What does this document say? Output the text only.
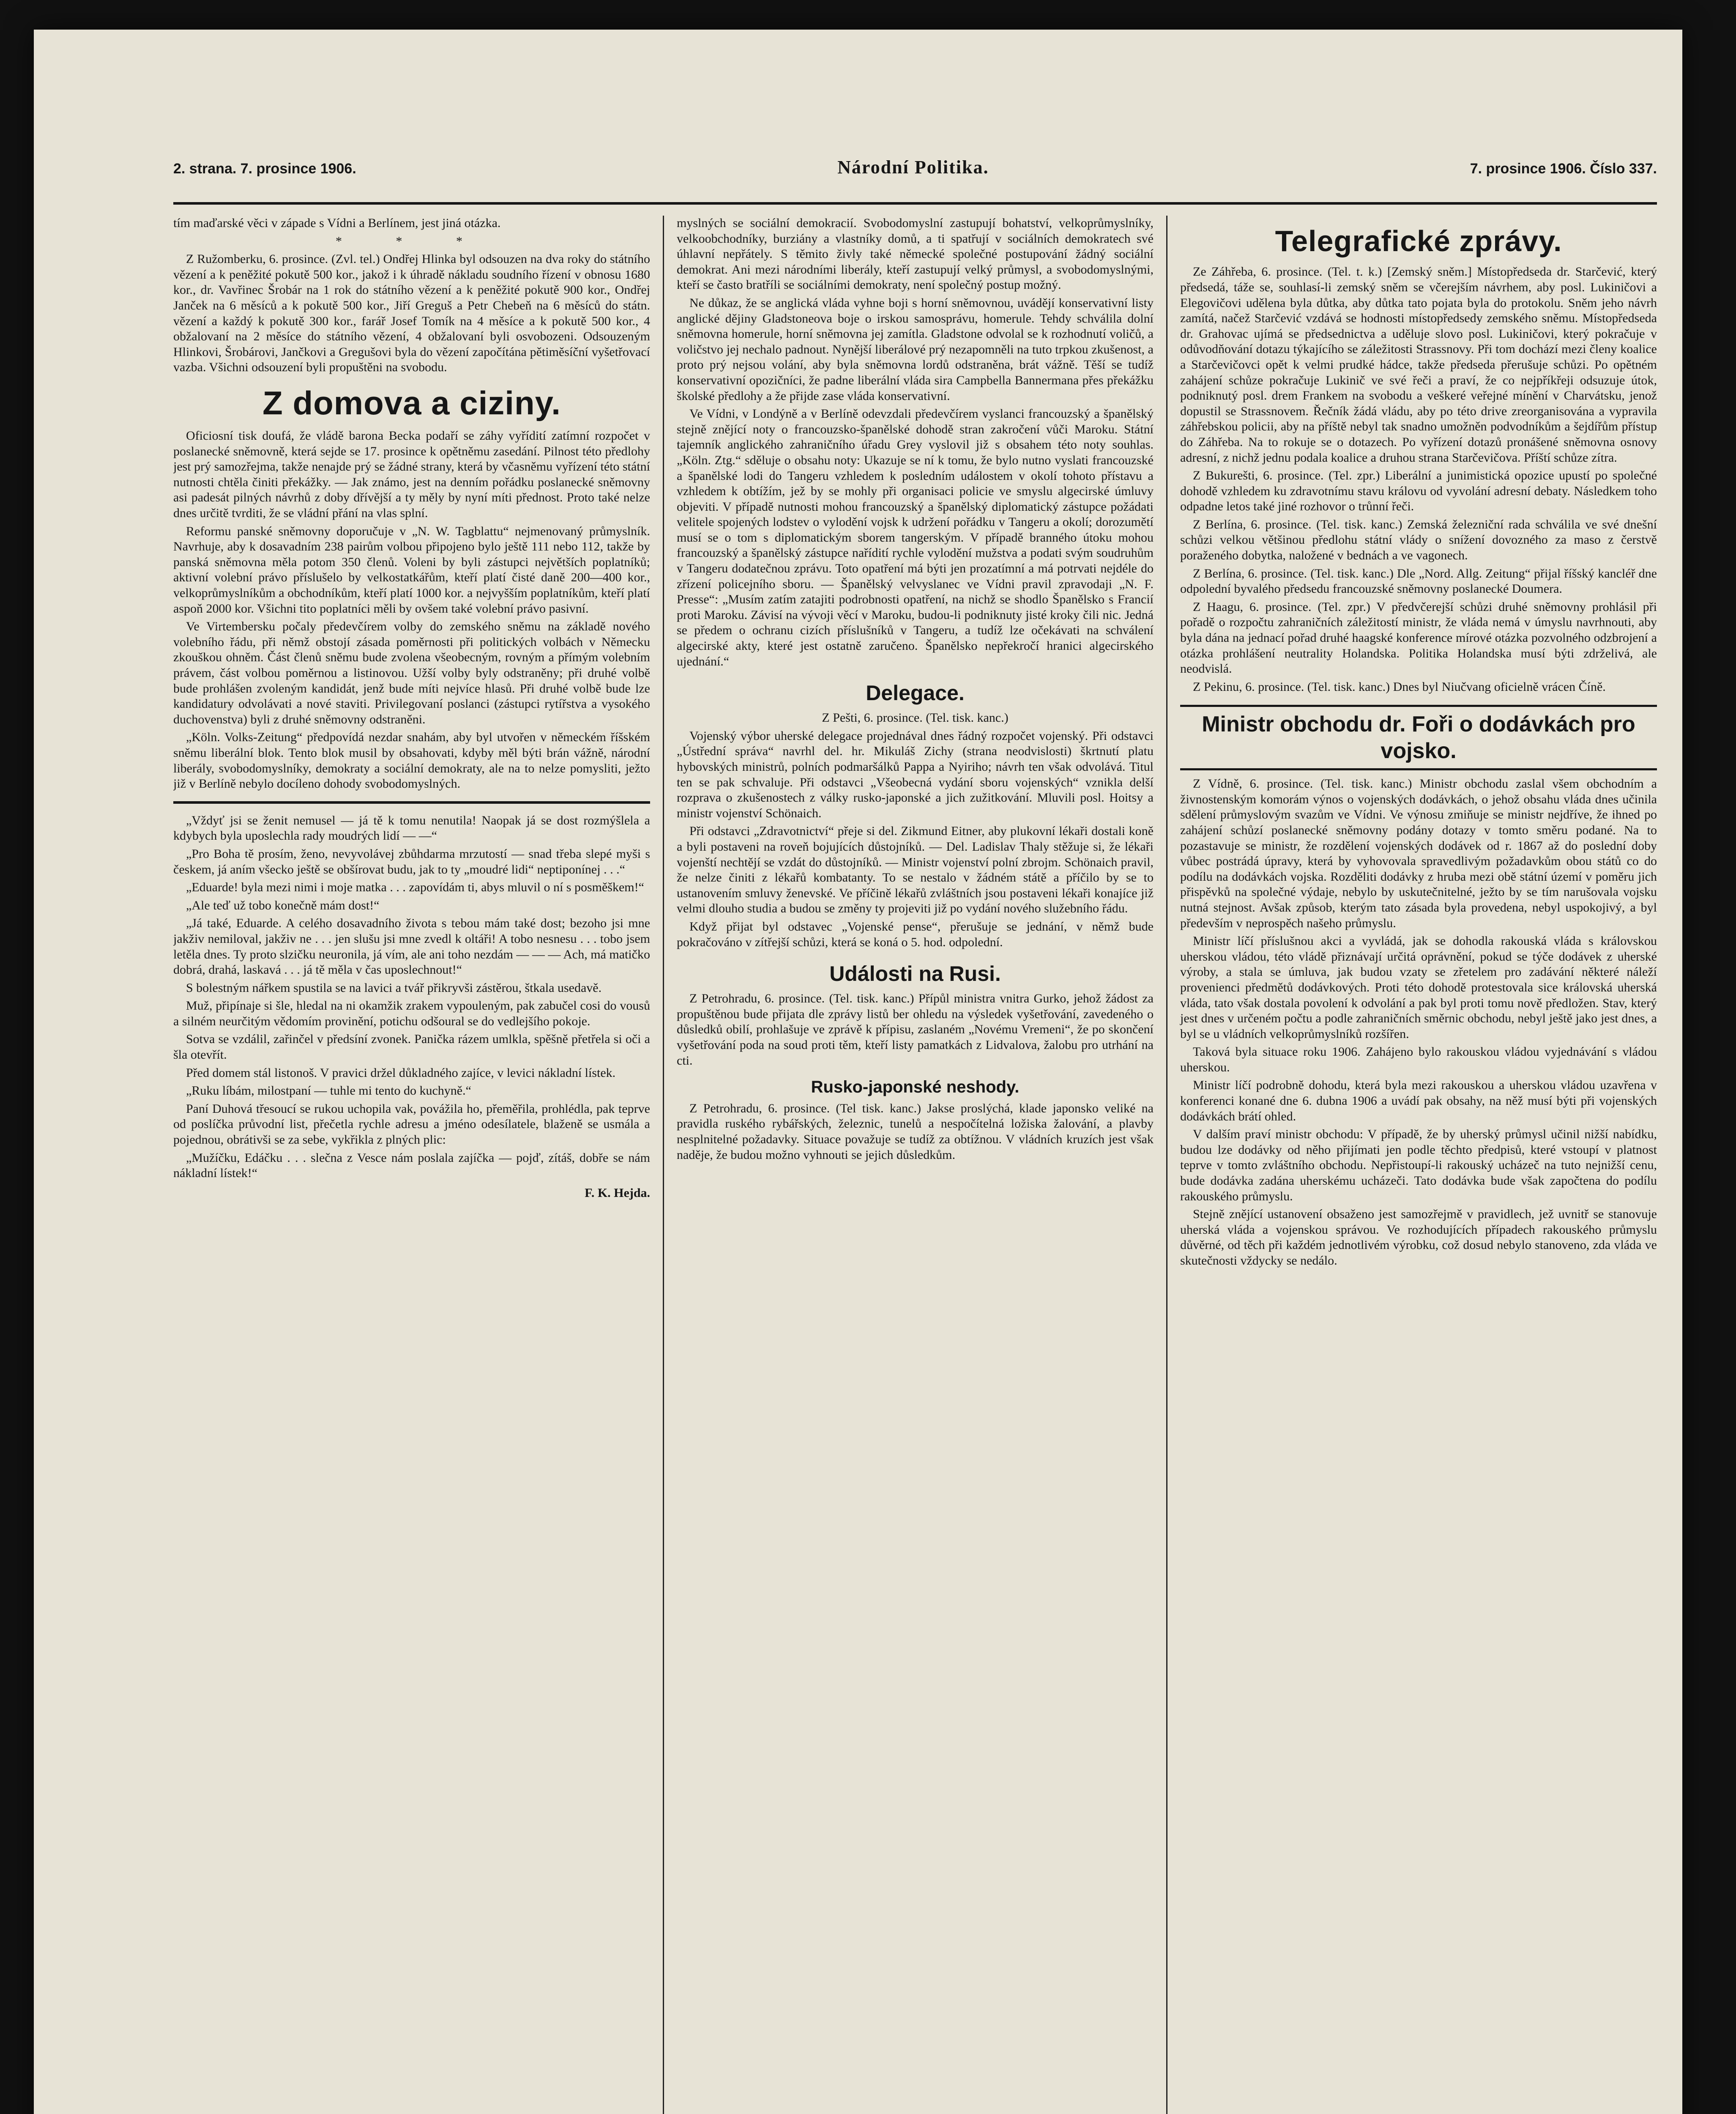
2. strana. 7. prosince 1906.	Národní Politika.	7. prosince 1906. Číslo 337.

tím maďarské věci v západe s Vídni a Berlínem, jest jiná otázka.

* * *

Z Ružomberku, 6. prosince. (Zvl. tel.) Ondřej Hlinka byl odsouzen na dva roky do státního vězení a k peněžité pokutě 500 kor., jakož i k úhradě nákladu soudního řízení v obnosu 1680 kor., dr. Vavřinec Šrobár na 1 rok do státního vězení a k peněžité pokutě 900 kor., Ondřej Janček na 6 měsíců a k pokutě 500 kor., Jiří Greguš a Petr Chebeň na 6 měsíců do státn. vězení a každý k pokutě 300 kor., farář Josef Tomík na 4 měsíce a k pokutě 500 kor., 4 obžalovaní na 2 měsíce do státního vězení, 4 obžalovaní byli osvobozeni. Odsouzeným Hlinkovi, Šrobárovi, Jančkovi a Gregušovi byla do vězení započítána pětiměsíční vyšetřovací vazba. Všichni odsouzení byli propuštěni na svobodu.

Z domova a ciziny.

Oficiosní tisk doufá, že vládě barona Becka podaří se záhy vyřídití zatímní rozpočet v poslanecké sněmovně, která sejde se 17. prosince k opětněmu zasedání. Pilnost této předlohy jest prý samozřejma, takže nenajde prý se žádné strany, která by včasněmu vyřízení této státní nutnosti chtěla činiti překážky. — Jak známo, jest na denním pořádku poslanecké sněmovny asi padesát pilných návrhů z doby dřívější a ty měly by nyní míti přednost. Proto také nelze dnes určitě tvrditi, že se vládní přání na vlas splní.

Reformu panské sněmovny doporučuje v „N. W. Tagblattu“ nejmenovaný průmyslník. Navrhuje, aby k dosavadním 238 pairům volbou připojeno bylo ještě 111 nebo 112, takže by panská sněmovna měla potom 350 členů. Voleni by byli zástupci největších poplatníků; aktivní volební právo příslušelo by velkostatkářům, kteří platí čisté daně 200—400 kor., velkoprůmyslníkům a obchodníkům, kteří platí 1000 kor. a nejvyšším poplatníkům, kteří platí aspoň 2000 kor. Všichni tito poplatníci měli by ovšem také volební právo pasivní.

Ve Virtembersku počaly předevčírem volby do zemského sněmu na základě nového volebního řádu, při němž obstojí zásada poměrnosti při politických volbách v Německu zkouškou ohněm. Část členů sněmu bude zvolena všeobecným, rovným a přímým volebním právem, část volbou poměrnou a listinovou. Užší volby byly odstraněny; při druhé volbě bude prohlášen zvoleným kandidát, jenž bude míti nejvíce hlasů. Při druhé volbě bude lze kandidatury odvolávati a nové staviti. Privilegovaní poslanci (zástupci rytířstva a vysokého duchovenstva) byli z druhé sněmovny odstraněni.

„Köln. Volks-Zeitung“ předpovídá nezdar snahám, aby byl utvořen v německém říšském sněmu liberální blok. Tento blok musil by obsahovati, kdyby měl býti brán vážně, národní liberály, svobodomyslníky, demokraty a sociální demokraty, ale na to nelze pomysliti, ježto již v Berlíně nebylo docíleno dohody svobodomyslných.

„Vždyť jsi se ženit nemusel — já tě k tomu nenutila! Naopak já se dost rozmýšlela a kdybych byla uposlechla rady moudrých lidí — —“

„Pro Boha tě prosím, ženo, nevyvolávej zbůhdarma mrzutostí — snad třeba slepé myši s českem, já aním všecko ještě se obšírovat budu, jak to ty „moudré lidi“ neptiponínej . . .“

„Eduarde! byla mezi nimi i moje matka . . . zapovídám ti, abys mluvil o ní s posměškem!“

„Ale teď už tobo konečně mám dost!“

„Já také, Eduarde. A celého dosavadního života s tebou mám také dost; bezoho jsi mne jakživ nemiloval, jakživ ne . . . jen slušu jsi mne zvedl k oltáři! A tobo nesnesu . . . tobo jsem letěla dnes. Ty proto slzičku neuronila, já vím, ale ani toho nezdám — — — Ach, má matičko dobrá, drahá, laskavá . . . já tě měla v čas uposlechnout!“

S bolestným nářkem spustila se na lavici a tvář přikryvši zástěrou, štkala usedavě.

Muž, připínaje si šle, hledal na ni okamžik zrakem vypouleným, pak zabučel cosi do vousů a silném neurčitým vědomím provinění, potichu odšoural se do vedlejšího pokoje.

Sotva se vzdálil, zařinčel v předsíní zvonek. Panička rázem umlkla, spěšně přetřela si oči a šla otevřít.

Před domem stál listonoš. V pravici držel důkladného zajíce, v levici nákladní lístek.

„Ruku líbám, milostpaní — tuhle mi tento do kuchyně.“

Paní Duhová třesoucí se rukou uchopila vak, povážila ho, přeměřila, prohlédla, pak teprve od poslíčka průvodní list, přečetla rychle adresu a jméno odesílatele, blaženě se usmála a pojednou, obrátivši se za sebe, vykřikla z plných plic:

„Mužíčku, Edáčku . . . slečna z Vesce nám poslala zajíčka — pojď, zítáš, dobře se nám nákladní lístek!“

F. K. Hejda.

myslných se sociální demokracií. Svobodomyslní zastupují bohatství, velkoprůmyslníky, velkoobchodníky, burziány a vlastníky domů, a ti spatřují v sociálních demokratech své úhlavní nepřátely. S těmito živly také německé společné postupování žádný sociální demokrat. Ani mezi národními liberály, kteří zastupují velký průmysl, a svobodomyslnými, kteří se často bratříli se sociálními demokraty, není společný postup možný.

Ne důkaz, že se anglická vláda vyhne boji s horní sněmovnou, uvádějí konservativní listy anglické dějiny Gladstoneova boje o irskou samosprávu, homerule. Tehdy schválila dolní sněmovna homerule, horní sněmovna jej zamítla. Gladstone odvolal se k rozhodnutí voličů, a voličstvo jej nechalo padnout. Nynější liberálové prý nezapomněli na tuto trpkou zkušenost, a proto prý nejsou volání, aby byla sněmovna lordů odstraněna, brát vážně. Těší se tudíž konservativní opozičníci, že padne liberální vláda sira Campbella Bannermana přes překážku školské předlohy a že přijde zase vláda konservativní.

Ve Vídni, v Londýně a v Berlíně odevzdali předevčírem vyslanci francouzský a španělský stejně znějící noty o francouzsko-španělské dohodě stran zakročení vůči Maroku. Státní tajemník anglického zahraničního úřadu Grey vyslovil již s obsahem této noty souhlas. „Köln. Ztg.“ sděluje o obsahu noty: Ukazuje se ní k tomu, že bylo nutno vyslati francouzské a španělské lodi do Tangeru vzhledem k posledním událostem v okolí tohoto přístavu a vzhledem k obtížím, jež by se mohly při organisaci policie ve smyslu algecirské úmluvy objeviti. V případě nutnosti mohou francouzský a španělský diplomatický zástupce požádati velitele spojených lodstev o vylodění vojsk k udržení pořádku v Tangeru a okolí; dorozumětí musí se o tom s diplomatickým sborem tangerským. V případě branného útoku mohou francouzský a španělský zástupce nařídití rychle vylodění mužstva a podati svým soudruhům v Tangeru dodatečnou zprávu. Toto opatření má býti jen prozatímní a má potrvati nejdéle do zřízení policejního sboru. — Španělský velvyslanec ve Vídni pravil zpravodaji „N. F. Presse“: „Musím zatím zatajiti podrobnosti opatření, na nichž se shodlo Španělsko s Francií proti Maroku. Závisí na vývoji věcí v Maroku, budou-li podniknuty jisté kroky čili nic. Jedná se předem o ochranu cizích příslušníků v Tangeru, a tudíž lze očekávati na schválení algecirské akty, které jest ostatně zaručeno. Španělsko nepřekročí hranici algecirského ujednání.“

Delegace.

Z Pešti, 6. prosince. (Tel. tisk. kanc.)

Vojenský výbor uherské delegace projednával dnes řádný rozpočet vojenský. Při odstavci „Ústřední správa“ navrhl del. hr. Mikuláš Zichy (strana neodvislosti) škrtnutí platu hybovských ministrů, polních podmaršálků Pappa a Nyiriho; návrh ten však odvolává. Titul ten se pak schvaluje. Při odstavci „Všeobecná vydání sboru vojenských“ vznikla delší rozprava o zkušenostech z války rusko-japonské a jich zužitkování. Mluvili posl. Hoitsy a ministr vojenství Schönaich.

Při odstavci „Zdravotnictví“ přeje si del. Zikmund Eitner, aby plukovní lékaři dostali koně a byli postaveni na roveň bojujících důstojníků. — Del. Ladislav Thaly stěžuje si, že lékaři vojenští nechtějí se vzdát do důstojníků. — Ministr vojenství polní zbrojm. Schönaich pravil, že nelze činiti z lékařů kombatanty. To se nestalo v žádném státě a příčilo by se to ustanovením smluvy ženevské. Ve příčině lékařů zvláštních jsou postaveni lékaři konajíce již velmi dlouho studia a budou se změny ty projeviti již po vydání nového služebního řádu.

Když přijat byl odstavec „Vojenské pense“, přerušuje se jednání, v němž bude pokračováno v zítřejší schůzi, která se koná o 5. hod. odpolední.

Události na Rusi.

Z Petrohradu, 6. prosince. (Tel. tisk. kanc.) Přípůl ministra vnitra Gurko, jehož žádost za propuštěnou bude přijata dle zprávy listů ber ohledu na výsledek vyšetřování, zavedeného o důsledků obilí, prohlašuje ve zprávě k přípisu, zaslaném „Novému Vremeni“, že po skončení vyšetřování poda na soud proti těm, kteří listy pamatkách z Lidvalova, žalobu pro utrhání na cti.

Rusko-japonské neshody.

Z Petrohradu, 6. prosince. (Tel tisk. kanc.) Jakse proslýchá, klade japonsko veliké na pravidla ruského rybářských, železnic, tunelů a nespočítelná ložiska žalování, a plavby nesplnitelné požadavky. Situace považuje se tudíž za obtížnou. V vládních kruzích jest však naděje, že budou možno vyhnouti se jejich důsledkům.

Telegrafické zprávy.

Ze Záhřeba, 6. prosince. (Tel. t. k.) [Zemský sněm.] Místopředseda dr. Starčević, který předsedá, táže se, souhlasí-li zemský sněm se včerejším návrhem, aby posl. Lukiničovi a Elegovičovi udělena byla důtka, aby důtka tato pojata byla do protokolu. Sněm jeho návrh zamítá, načež Starčević vzdává se hodnosti místopředsedy zemského sněmu. Místopředseda dr. Grahovac ujímá se předsednictva a uděluje slovo posl. Lukiničovi, který pokračuje v odůvodňování dotazu týkajícího se záležitosti Strassnovy. Při tom dochází mezi členy koalice a Starčevičovci opět k velmi prudké hádce, takže předseda přerušuje schůzi. Po opětném zahájení schůze pokračuje Lukinič ve své řeči a praví, že co nejpříkřeji odsuzuje útok, podniknutý posl. drem Frankem na svobodu a veškeré veřejné mínění v Charvátsku, jenož dopustil se Strassnovem. Řečník žádá vládu, aby po této drive zreorganisována a vypravila záhřebskou policii, aby na příště nebyl tak snadno umožněn podvodníkům a šejdířům přístup do Záhřeba. Na to rokuje se o dotazech. Po vyřízení dotazů pronášené sněmovna osnovy adresní, z nichž jednu podala koalice a druhou strana Starčevičova. Příští schůze zítra.

Z Bukurešti, 6. prosince. (Tel. zpr.) Liberální a junimistická opozice upustí po společné dohodě vzhledem ku zdravotnímu stavu královu od vyvolání adresní debaty. Následkem toho odpadne letos také jiné rozhovor o trůnní řeči.

Z Berlína, 6. prosince. (Tel. tisk. kanc.) Zemská železniční rada schválila ve své dnešní schůzi velkou většinou předlohu státní vlády o snížení dovozného za maso z čerstvě poraženého dobytka, naložené v bednách a ve vagonech.

Z Berlína, 6. prosince. (Tel. tisk. kanc.) Dle „Nord. Allg. Zeitung“ přijal říšský kancléř dne odpolední byvalého předsedu francouzské sněmovny poslanecké Doumera.

Z Haagu, 6. prosince. (Tel. zpr.) V předvčerejší schůzi druhé sněmovny prohlásil při pořadě o rozpočtu zahraničních záležitostí ministr, že vláda nemá v úmyslu navrhnouti, aby byla dána na jednací pořad druhé haagské konference mírové otázka pozvolného odzbrojení a otázka prohlášení neutrality Holandska. Politika Holandska musí býti zdrželivá, ale neodvislá.

Z Pekinu, 6. prosince. (Tel. tisk. kanc.) Dnes byl Niučvang oficielně vrácen Číně.

Ministr obchodu dr. Foři o dodávkách pro vojsko.

Z Vídně, 6. prosince. (Tel. tisk. kanc.) Ministr obchodu zaslal všem obchodním a živnostenským komorám výnos o vojenských dodávkách, o jehož obsahu vláda dnes učinila sdělení průmyslovým svazům ve Vídni. Ve výnosu zmiňuje se ministr nejdříve, že ihned po zahájení schůzí poslanecké sněmovny podány dotazy v tomto směru podané. Na to pozastavuje se ministr, že rozdělení vojenských dodávek od r. 1867 až do poslední doby vůbec postrádá úpravy, která by vyhovovala spravedlivým požadavkům obou států co do podílu na dodávkách vojska. Rozděliti dodávky z hruba mezi obě státní území v poměru jich přispěvků na společné výdaje, nebylo by uskutečnitelné, ježto by se tím narušovala vojsku nutná stejnost. Avšak způsob, kterým tato zásada byla provedena, nebyl uspokojivý, a byl především v neprospěch našeho průmyslu.

Ministr líčí příslušnou akci a vyvládá, jak se dohodla rakouská vláda s královskou uherskou vládou, této vládě přiznávají určitá oprávnění, pokud se týče dodávek z uherské výroby, a stala se úmluva, jak budou vzaty se zřetelem pro zadávání některé náleží provenienci předmětů dodávkových. Proti této dohodě protestovala sice královská uherská vláda, tato však dostala povolení k odvolání a pak byl proti tomu nově předložen. Stav, který jest dnes v určeném počtu a podle zahraničních směrnic obchodu, nebyl ještě jako jest dnes, a byl se u vládních velkoprůmyslníků rozšířen.

Taková byla situace roku 1906. Zahájeno bylo rakouskou vládou vyjednávání s vládou uherskou.

Ministr líčí podrobně dohodu, která byla mezi rakouskou a uherskou vládou uzavřena v konferenci konané dne 6. dubna 1906 a uvádí pak obsahy, na něž musí býti při vojenských dodávkách brátí ohled.

V dalším praví ministr obchodu: V případě, že by uherský průmysl učinil nižší nabídku, budou lze dodávky od něho přijímati jen podle těchto předpisů, které vstoupí v platnost teprve v tomto zvláštního obchodu. Nepřistoupí-li rakouský ucházeč na tuto nejnižší cenu, bude dodávka zadána uherskému ucházeči. Tato dodávka bude však započtena do podílu rakouského průmyslu.

Stejně znějící ustanovení obsaženo jest samozřejmě v pravidlech, jež uvnitř se stanovuje uherská vláda a vojenskou správou. Ve rozhodujících případech rakouského průmyslu důvěrné, od těch při každém jednotlivém výrobku, což dosud nebylo stanoveno, zda vláda ve skutečnosti vždycky se nedálo.
